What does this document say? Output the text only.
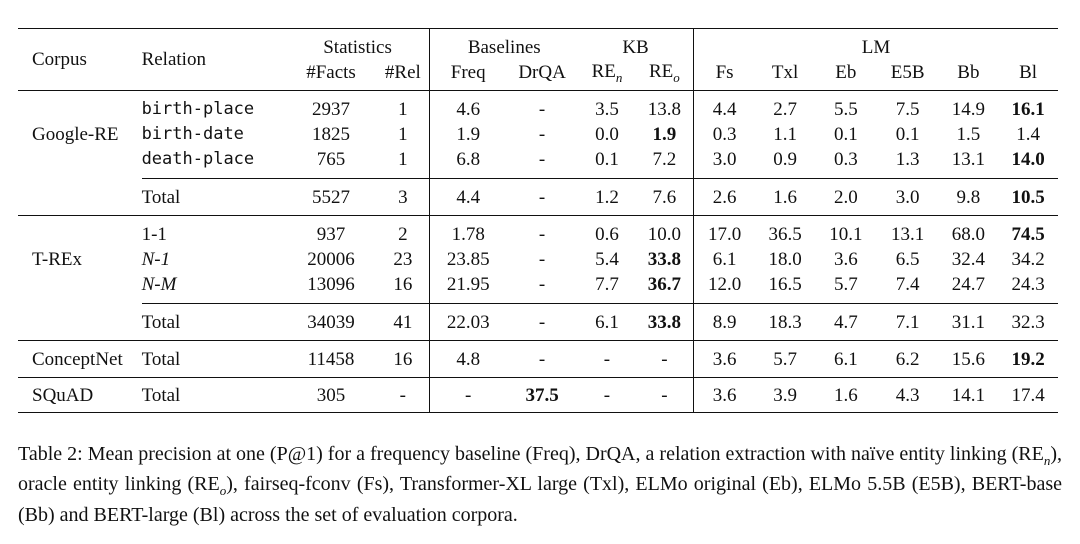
Corpus	Relation	Statistics		Baselines		KB		LM					
		#Facts	#Rel	Freq	DrQA	$RE_n$	$RE_o$	Fs	Txl	Eb	E5B	Bb	Bl
Google-RE	birth-place	2937	1	4.6	-	3.5	13.8	4.4	2.7	5.5	7.5	14.9	16.1
	birth-date	1825	1	1.9	-	0.0	1.9	0.3	1.1	0.1	0.1	1.5	1.4
	death-place	765	1	6.8	-	0.1	7.2	3.0	0.9	0.3	1.3	13.1	14.0
	Total	5527	3	4.4	-	1.2	7.6	2.6	1.6	2.0	3.0	9.8	10.5
T-REx	1-1	937	2	1.78	-	0.6	10.0	17.0	36.5	10.1	13.1	68.0	74.5
	N-1	20006	23	23.85	-	5.4	33.8	6.1	18.0	3.6	6.5	32.4	34.2
	N-M	13096	16	21.95	-	7.7	36.7	12.0	16.5	5.7	7.4	24.7	24.3
	Total	34039	41	22.03	-	6.1	33.8	8.9	18.3	4.7	7.1	31.1	32.3
ConceptNet	Total	11458	16	4.8	-	-	-	3.6	5.7	6.1	6.2	15.6	19.2
SQuAD	Total	305	-	-	37.5	-	-	3.6	3.9	1.6	4.3	14.1	17.4
Table 2: Mean precision at one (P@1) for a frequency baseline (Freq), DrQA, a relation extraction with naïve entity linking $(RE_n)$, oracle entity linking $(RE_o)$, fairseq-fconv (Fs), Transformer-XL large (Txl), ELMo original (Eb), ELMo 5.5B (E5B), BERT-base (Bb) and BERT-large (Bl) across the set of evaluation corpora.
